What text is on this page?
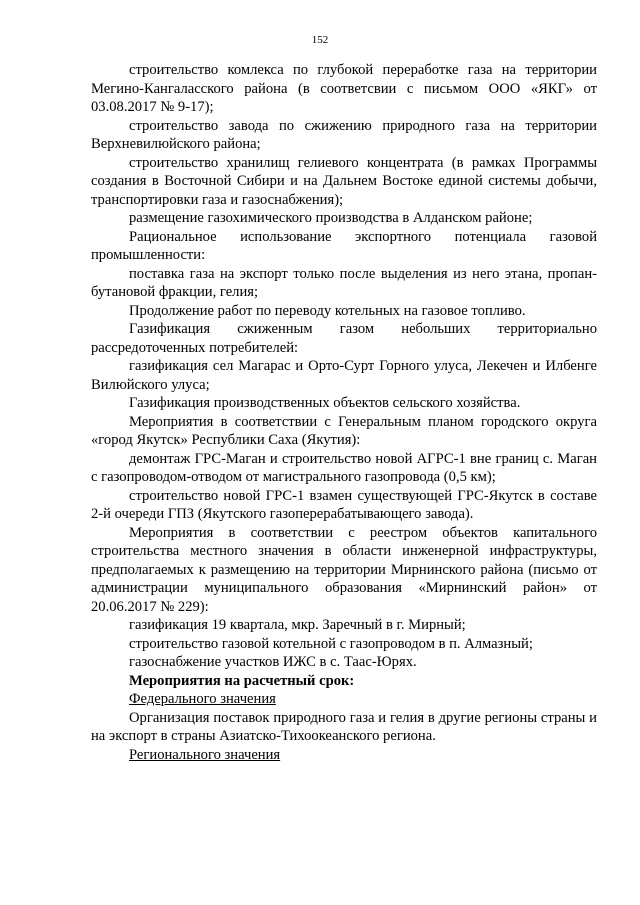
152

строительство комлекса по глубокой переработке газа на территории Мегино-Кангаласского района (в соответсвии с письмом ООО «ЯКГ» от 03.08.2017 № 9-17);

строительство завода по сжижению природного газа на территории Верхневилюйского района;

строительство хранилищ гелиевого концентрата (в рамках Программы создания в Восточной Сибири и на Дальнем Востоке единой системы добычи, транспортировки газа и газоснабжения);

размещение газохимического производства в Алданском районе;

Рациональное использование экспортного потенциала газовой промышленности:

поставка газа на экспорт только после выделения из него этана, пропан-бутановой фракции, гелия;

Продолжение работ по переводу котельных на газовое топливо.

Газификация сжиженным газом небольших территориально рассредоточенных потребителей:

газификация сел Магарас и Орто-Сурт Горного улуса, Лекечен и Илбенге Вилюйского улуса;

Газификация производственных объектов сельского хозяйства.

Мероприятия в соответствии с Генеральным планом городского округа «город Якутск» Республики Саха (Якутия):

демонтаж ГРС-Маган и строительство новой АГРС-1 вне границ с. Маган с газопроводом-отводом от магистрального газопровода (0,5 км);

строительство новой ГРС-1 взамен существующей ГРС-Якутск в составе 2-й очереди ГПЗ (Якутского газоперерабатывающего завода).

Мероприятия в соответствии с реестром объектов капитального строительства местного значения в области инженерной инфраструктуры, предполагаемых к размещению на территории Мирнинского района (письмо от администрации муниципального образования «Мирнинский район» от 20.06.2017 № 229):

газификация 19 квартала, мкр. Заречный в г. Мирный;

строительство газовой котельной с газопроводом в п. Алмазный;

газоснабжение участков ИЖС в с. Таас-Юрях.

Мероприятия на расчетный срок:

Федерального значения

Организация поставок природного газа и гелия в другие регионы страны и на экспорт в страны Азиатско-Тихоокеанского региона.

Регионального значения
